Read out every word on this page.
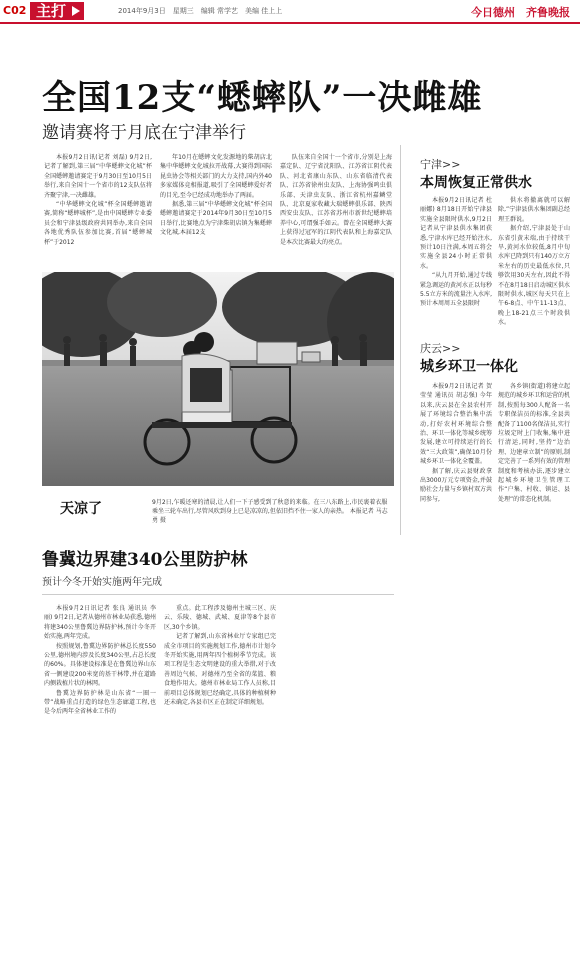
C02 主打	2014年9月3日　星期三　编辑 常学艺　美编 佳上上	今日德州　齐鲁晚报
全国12支“蟋蟀队”一决雌雄
邀请赛将于月底在宁津举行

本报9月2日讯(记者 刘磊) 9月2日,记者了解到,第三届“中华蟋蟀文化城”杯全国蟋蟀邀请赛定于9月30日至10月5日举行,来自全国十一个省市的12支队伍将齐聚宁津,一决雌雄。

“中华蟋蟀文化城”杯全国蟋蟀邀请赛,简称“蟋蟀城杯”,是由中国蟋蟀专业委员会和宁津县级政府共同举办,来自全国各地优秀队伍参加比赛,首届“蟋蟀城杯”于2012

年10月在蟋蟀文化发源地的柴胡店北集中华蟋蟀文化城拉开战幕,大赛得到国际昆虫协会等相关部门的大力支持,国内外40多家媒体竞相报道,吸引了全国蟋蟀爱好者的目光,至今已经成功地举办了两届。

据悉,第三届“中华蟋蟀文化城”杯全国蟋蟀邀请赛定于2014年9月30日至10月5日举行,比赛地点为宁津柴胡店镇为集蟋蟀文化城,本届12支

队伍来自全国十一个省市,分别是上海嘉定队、辽宁省沈阳队、江苏省江阴代表队、河北省康山东队、山东省临清代表队、江苏省徐州虫友队、上海协强鸣虫俱乐部、天津虫友队、浙江省杭州嘉鳞堂队、北京夏家收藏大瑞蟋蟀俱乐部、陕西西安虫友队、江苏省苏州市新世纪蟋蟀培养中心,可谓强手如云。曾在全国蟋蟀大赛上获得过冠军的江阴代表队和上海嘉定队是本次比赛最大的亮点。

宁津>>
本周恢复正常供水

本报9月2日讯记者 杜丽娜) 8月18日开始宁津县实施全县限时供水,9月2日记者从宁津县供水集团获悉,宁津水库已经开始注水,预计10日注满,本周五将会实施全县24小时正常供水。

“从九月开始,通过专线紧急调运的黄河水正以每秒5.5立方米的流量注入水库,预计本周周五全县限时

供水将撤离就可以解除,”宁津县供水集团副总经理王群说。

据介绍,宁津县处于山东省引黄末端,由于持续干旱,黄河水位较低,8月中旬水库已降到只有140万立方米左右的历史最低水位,只够饮用30天左右,因此不得不在8月18日启动城区供水限时供水,城区每天只在上午6-8点、中午11-13点、晚上18-21点三个时段供水。

庆云>>
城乡环卫一体化

本报9月2日讯记者 贺莹莹 通讯员 胡志强) 今年以来,庆云县在全县农村开展了环境综合整治集中活动,打好农村环境综合整治、环卫一体化等城乡统筹发展,建立可持续运行的长效“三大政策”,确保10月份城乡环卫一体化全覆盖。

据了解,庆云县财政拿出3000万元专项资金,并鼓励社会力量与乡镇村双方共同参与,

各乡镇(街道)将建立起规范的城乡环卫和运营的机制,按照每300人配备一名专职保洁员的标准,全县共配备了1100名保洁员,实行垃圾定时上门收集,集中进行清运,同时,坚持“边治理、边建章立制”的原则,制定完善了一系列有效的管理制度和考核办法,逐步建立起城乡环境卫生管理工作“户集、村收、镇运、县处理”的常态化机制。

天凉了	9月2日,乍暖还寒的清晨,让人们一下子感受到了秋意的来临。在三八东路上,市民裹着衣服乘坐三轮车出行,尽管风吹到身上已是凉凉的,但依旧挡不住一家人的亲热。 本报记者 马志勇 摄
鲁冀边界建340公里防护林
预计今冬开始实施两年完成

本报9月2日讯记者 张良 通讯员 李 丽) 9月2日,记者从德州市林业局获悉,德州将建340公里鲁冀边界防护林,预计今冬开始实施,两年完成。

按照规划,鲁冀边界防护林总长度550公里,德州境内涉及长度340公里,占总长度的60%。具体建设标准是在鲁冀边界山东省一侧建设200米宽的基干林带,并在道路内侧栽植片状的林网。

鲁冀边界防护林是山东省“一圈一带”战略重点打造的绿色生态廊道工程,也是今后两年全省林业工作的

重点。此工程涉及德州主城三区、庆云、乐陵、德城、武城、夏津等8个县市区,30个乡镇。

记者了解到,山东省林业厅专家组已完成全市项目的实施规划工作,德州市计划今冬开始实施,用两年四个植树季节完成。该项工程是生态文明建设的重大举措,对于改善周边气候、对德州乃至全省的菜篮、粮食地作用大。德州市林业局工作人员称,目前项目总体规划已经确定,具体的种植树种还未确定,各县市区正在制定详细规划。
